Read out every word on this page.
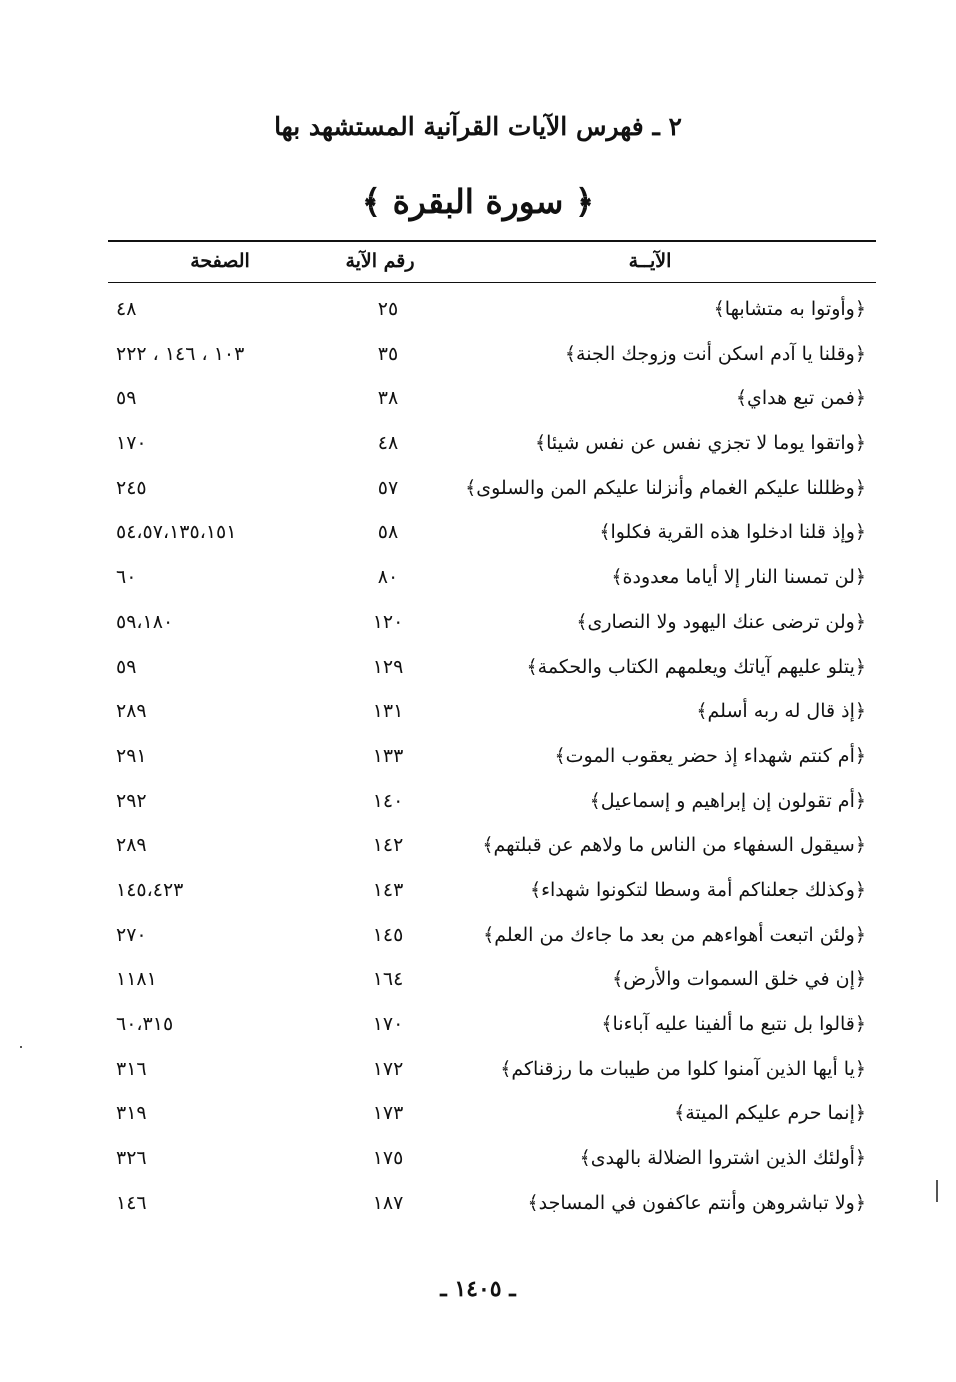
٢ ـ فهرس الآيات القرآنية المستشهد بها
﴿ سورة البقرة ﴾
الآيــة
رقم الآية
الصفحة
﴿وأوتوا به متشابها﴾
٢٥
٤٨
﴿وقلنا يا آدم اسكن أنت وزوجك الجنة﴾
٣٥
١٠٣ ، ١٤٦ ، ٢٢٢
﴿فمن تبع هداي﴾
٣٨
٥٩
﴿واتقوا يوما لا تجزي نفس عن نفس شيئا﴾
٤٨
١٧٠
﴿وظللنا عليكم الغمام وأنزلنا عليكم المن والسلوى﴾
٥٧
٢٤٥
﴿وإذ قلنا ادخلوا هذه القرية فكلوا﴾
٥٨
٥٤،٥٧،١٣٥،١٥١
﴿لن تمسنا النار إلا أياما معدودة﴾
٨٠
٦٠
﴿ولن ترضى عنك اليهود ولا النصارى﴾
١٢٠
٥٩،١٨٠
﴿يتلو عليهم آياتك ويعلمهم الكتاب والحكمة﴾
١٢٩
٥٩
﴿إذ قال له ربه أسلم﴾
١٣١
٢٨٩
﴿أم كنتم شهداء إذ حضر يعقوب الموت﴾
١٣٣
٢٩١
﴿أم تقولون إن إبراهيم و إسماعيل﴾
١٤٠
٢٩٢
﴿سيقول السفهاء من الناس ما ولاهم عن قبلتهم﴾
١٤٢
٢٨٩
﴿وكذلك جعلناكم أمة وسطا لتكونوا شهداء﴾
١٤٣
١٤٥،٤٢٣
﴿ولئن اتبعت أهواءهم من بعد ما جاءك من العلم﴾
١٤٥
٢٧٠
﴿إن في خلق السموات والأرض﴾
١٦٤
١١٨١
﴿قالوا بل نتبع ما ألفينا عليه آباءنا﴾
١٧٠
٦٠،٣١٥
﴿يا أيها الذين آمنوا كلوا من طيبات ما رزقناكم﴾
١٧٢
٣١٦
﴿إنما حرم عليكم الميتة﴾
١٧٣
٣١٩
﴿أولئك الذين اشتروا الضلالة بالهدى﴾
١٧٥
٣٢٦
﴿ولا تباشروهن وأنتم عاكفون في المساجد﴾
١٨٧
١٤٦
ـ ١٤٠٥ ـ
